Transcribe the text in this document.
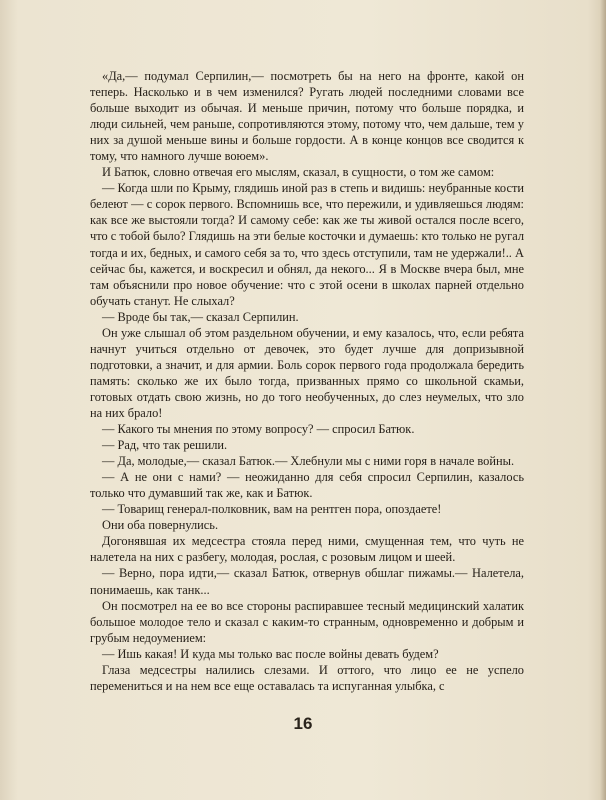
«Да,— подумал Серпилин,— посмотреть бы на него на фронте, какой он теперь. Насколько и в чем изменился? Ругать людей последними словами все больше выходит из обычая. И меньше причин, потому что больше порядка, и люди сильней, чем раньше, сопротивляются этому, потому что, чем дальше, тем у них за душой меньше вины и больше гордости. А в конце концов все сводится к тому, что намного лучше воюем».

И Батюк, словно отвечая его мыслям, сказал, в сущности, о том же самом:

— Когда шли по Крыму, глядишь иной раз в степь и видишь: неубранные кости белеют — с сорок первого. Вспомнишь все, что пережили, и удивляешься людям: как все же выстояли тогда? И самому себе: как же ты живой остался после всего, что с тобой было? Глядишь на эти белые косточки и думаешь: кто только не ругал тогда и их, бедных, и самого себя за то, что здесь отступили, там не удержали!.. А сейчас бы, кажется, и воскресил и обнял, да некого... Я в Москве вчера был, мне там объяснили про новое обучение: что с этой осени в школах парней отдельно обучать станут. Не слыхал?

— Вроде бы так,— сказал Серпилин.

Он уже слышал об этом раздельном обучении, и ему казалось, что, если ребята начнут учиться отдельно от девочек, это будет лучше для допризывной подготовки, а значит, и для армии. Боль сорок первого года продолжала бередить память: сколько же их было тогда, призванных прямо со школьной скамьи, готовых отдать свою жизнь, но до того необученных, до слез неумелых, что зло на них брало!

— Какого ты мнения по этому вопросу? — спросил Батюк.

— Рад, что так решили.

— Да, молодые,— сказал Батюк.— Хлебнули мы с ними горя в начале войны.

— А не они с нами? — неожиданно для себя спросил Серпилин, казалось только что думавший так же, как и Батюк.

— Товарищ генерал-полковник, вам на рентген пора, опоздаете!

Они оба повернулись.

Догонявшая их медсестра стояла перед ними, смущенная тем, что чуть не налетела на них с разбегу, молодая, рослая, с розовым лицом и шеей.

— Верно, пора идти,— сказал Батюк, отвернув обшлаг пижамы.— Налетела, понимаешь, как танк...

Он посмотрел на ее во все стороны распиравшее тесный медицинский халатик большое молодое тело и сказал с каким-то странным, одновременно и добрым и грубым недоумением:

— Ишь какая! И куда мы только вас после войны девать будем?

Глаза медсестры налились слезами. И оттого, что лицо ее не успело перемениться и на нем все еще оставалась та испуганная улыбка, с

16
